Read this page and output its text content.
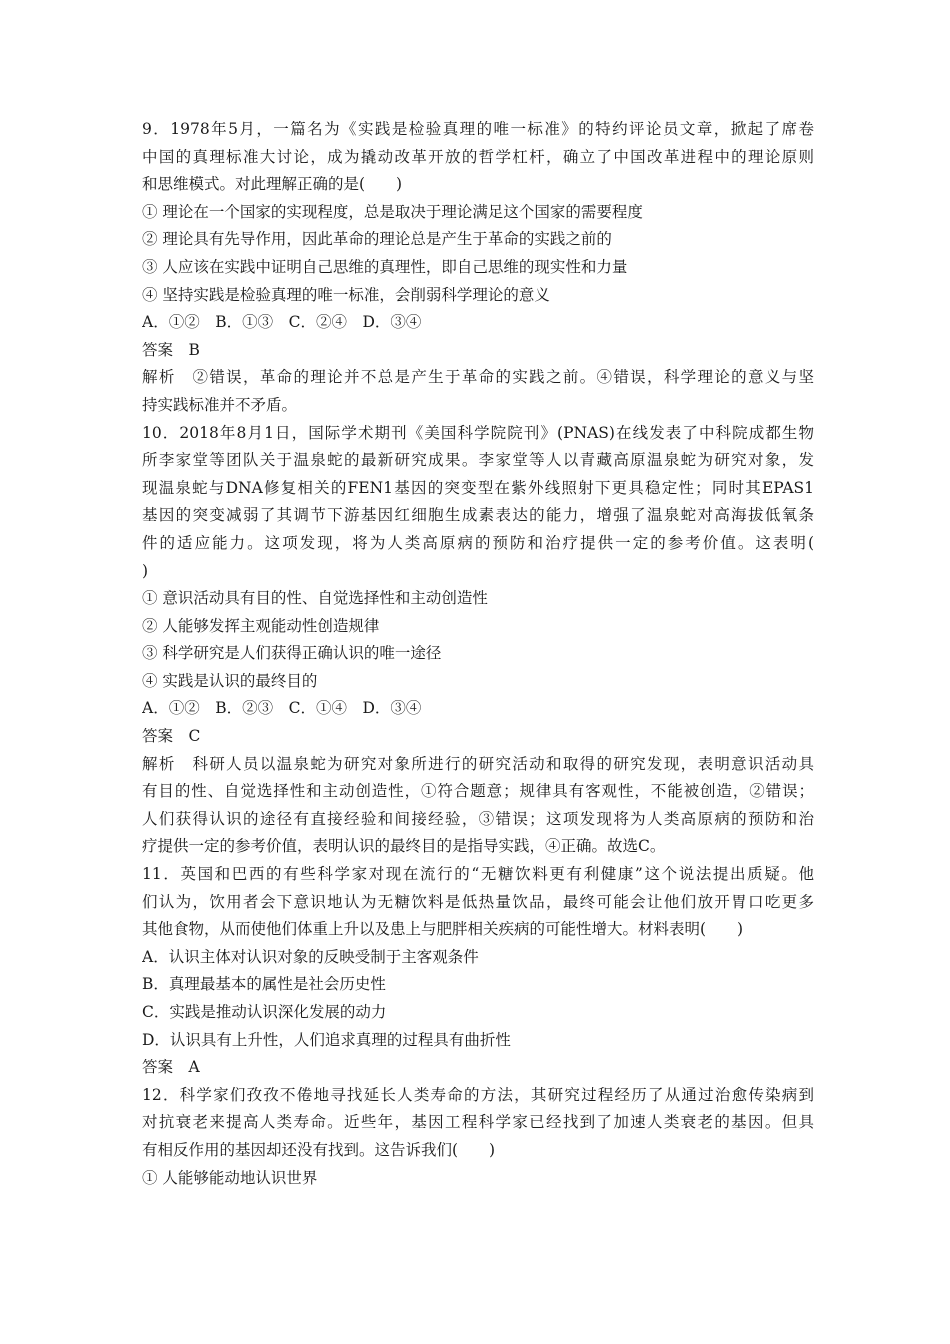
9．1978年5月，一篇名为《实践是检验真理的唯一标准》的特约评论员文章，掀起了席卷
中国的真理标准大讨论，成为撬动改革开放的哲学杠杆，确立了中国改革进程中的理论原则
和思维模式。对此理解正确的是(　　)
① 理论在一个国家的实现程度，总是取决于理论满足这个国家的需要程度
② 理论具有先导作用，因此革命的理论总是产生于革命的实践之前的
③ 人应该在实践中证明自己思维的真理性，即自己思维的现实性和力量
④ 坚持实践是检验真理的唯一标准，会削弱科学理论的意义
A．①②　B．①③　C．②④　D．③④
答案　B
解析　②错误，革命的理论并不总是产生于革命的实践之前。④错误，科学理论的意义与坚
持实践标准并不矛盾。
10．2018年8月1日，国际学术期刊《美国科学院院刊》(PNAS)在线发表了中科院成都生物
所李家堂等团队关于温泉蛇的最新研究成果。李家堂等人以青藏高原温泉蛇为研究对象，发
现温泉蛇与DNA修复相关的FEN1基因的突变型在紫外线照射下更具稳定性；同时其EPAS1
基因的突变减弱了其调节下游基因红细胞生成素表达的能力，增强了温泉蛇对高海拔低氧条
件的适应能力。这项发现，将为人类高原病的预防和治疗提供一定的参考价值。这表明(
)
① 意识活动具有目的性、自觉选择性和主动创造性
② 人能够发挥主观能动性创造规律
③ 科学研究是人们获得正确认识的唯一途径
④ 实践是认识的最终目的
A．①②　B．②③　C．①④　D．③④
答案　C
解析　科研人员以温泉蛇为研究对象所进行的研究活动和取得的研究发现，表明意识活动具
有目的性、自觉选择性和主动创造性，①符合题意；规律具有客观性，不能被创造，②错误；
人们获得认识的途径有直接经验和间接经验，③错误；这项发现将为人类高原病的预防和治
疗提供一定的参考价值，表明认识的最终目的是指导实践，④正确。故选C。
11．英国和巴西的有些科学家对现在流行的“无糖饮料更有利健康”这个说法提出质疑。他
们认为，饮用者会下意识地认为无糖饮料是低热量饮品，最终可能会让他们放开胃口吃更多
其他食物，从而使他们体重上升以及患上与肥胖相关疾病的可能性增大。材料表明(　　)
A．认识主体对认识对象的反映受制于主客观条件
B．真理最基本的属性是社会历史性
C．实践是推动认识深化发展的动力
D．认识具有上升性，人们追求真理的过程具有曲折性
答案　A
12．科学家们孜孜不倦地寻找延长人类寿命的方法，其研究过程经历了从通过治愈传染病到
对抗衰老来提高人类寿命。近些年，基因工程科学家已经找到了加速人类衰老的基因。但具
有相反作用的基因却还没有找到。这告诉我们(　　)
① 人能够能动地认识世界
